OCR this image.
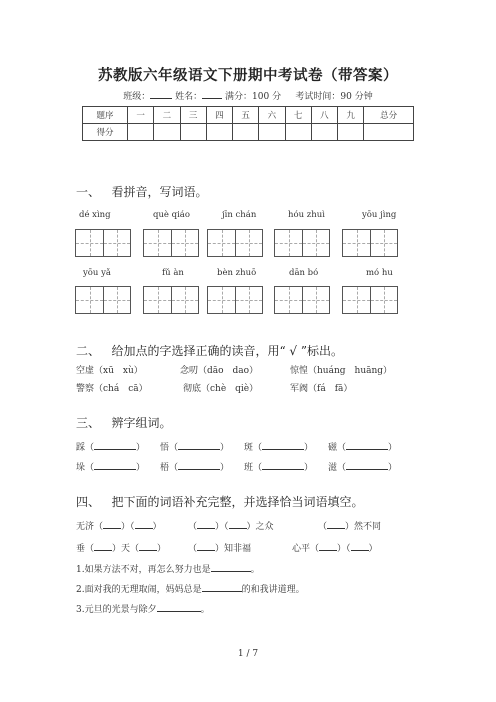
苏教版六年级语文下册期中考试卷（带答案）
班级：	姓名：	满分：100 分 考试时间：90 分钟
题序	一	二	三	四	五	六	七	八	九	总分
得分										
一、 看拼音，写词语。
dé xìng	què qiáo	jīn chán	hóu zhuì	yōu jìng
yōu yǎ	fǔ àn	bèn zhuō	dān bó	mó hu
二、 给加点的字选择正确的读音，用“ √ ”标出。
空虚（xū　xù）	念叨（dāo　dao）	惊惶（huáng　huāng）
警察（chá　cā）	彻底（chè　qiè）	军阀（fá　fā）
三、 辨字组词。
踩（	） 悟（	） 斑（	） 磁（	）
垛（	） 梧（	） 班（	） 滋（	）
四、 把下面的词语补充完整，并选择恰当词语填空。
无济（ ）（ ）	（ ）（ ）之众	（ ）然不同
垂（ ）天（ ） （ ）知非福	心平（ ）（ ）
1.如果方法不对，再怎么努力也是	。
2.面对我的无理取闹，妈妈总是	的和我讲道理。
3.元旦的光景与除夕	。
1 / 7
